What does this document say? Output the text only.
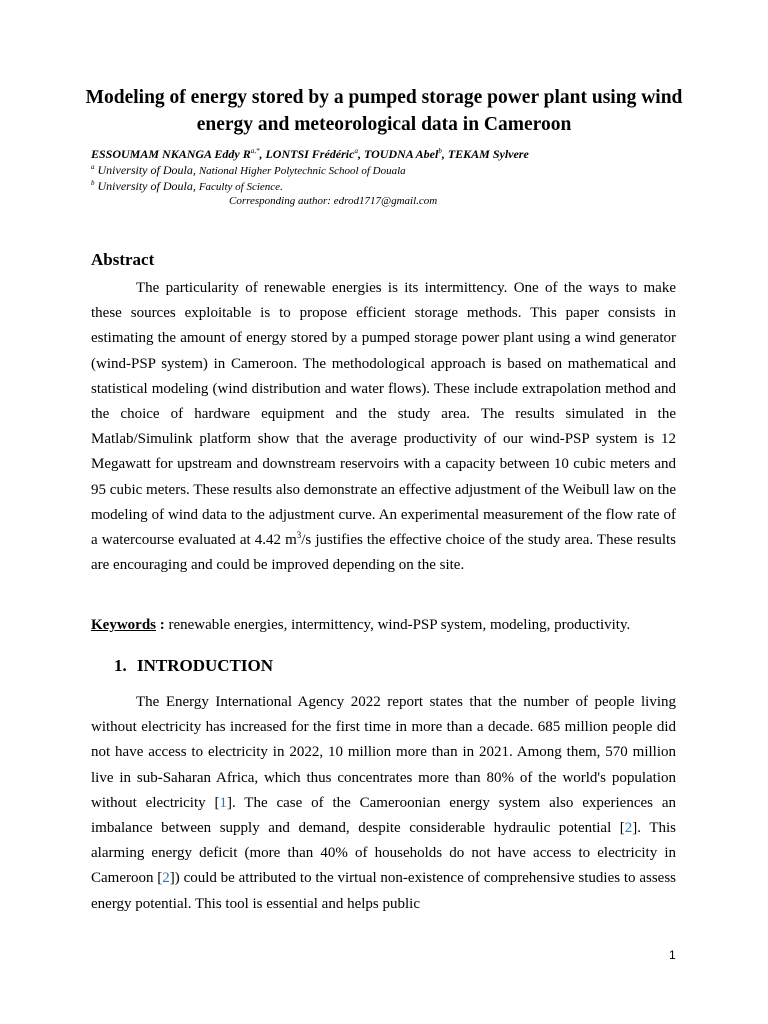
Modeling of energy stored by a pumped storage power plant using wind energy and meteorological data in Cameroon
ESSOUMAM NKANGA Eddy $R^{a,*}$, LONTSI Frédéric$^a$, TOUDNA Abel$^b$, TEKAM Sylvere
$^a$ University of Doula, National Higher Polytechnic School of Douala
$^b$ University of Doula, Faculty of Science.
Corresponding author: edrod1717@gmail.com
Abstract
The particularity of renewable energies is its intermittency. One of the ways to make these sources exploitable is to propose efficient storage methods. This paper consists in estimating the amount of energy stored by a pumped storage power plant using a wind generator (wind-PSP system) in Cameroon. The methodological approach is based on mathematical and statistical modeling (wind distribution and water flows). These include extrapolation method and the choice of hardware equipment and the study area. The results simulated in the Matlab/Simulink platform show that the average productivity of our wind-PSP system is 12 Megawatt for upstream and downstream reservoirs with a capacity between 10 cubic meters and 95 cubic meters. These results also demonstrate an effective adjustment of the Weibull law on the modeling of wind data to the adjustment curve. An experimental measurement of the flow rate of a watercourse evaluated at 4.42 $m^3/s$ justifies the effective choice of the study area. These results are encouraging and could be improved depending on the site.
Keywords : renewable energies, intermittency, wind-PSP system, modeling, productivity.
1. INTRODUCTION
The Energy International Agency 2022 report states that the number of people living without electricity has increased for the first time in more than a decade. 685 million people did not have access to electricity in 2022, 10 million more than in 2021. Among them, 570 million live in sub-Saharan Africa, which thus concentrates more than 80% of the world's population without electricity [1]. The case of the Cameroonian energy system also experiences an imbalance between supply and demand, despite considerable hydraulic potential [2]. This alarming energy deficit (more than 40% of households do not have access to electricity in Cameroon [2]) could be attributed to the virtual non-existence of comprehensive studies to assess energy potential. This tool is essential and helps public
1
